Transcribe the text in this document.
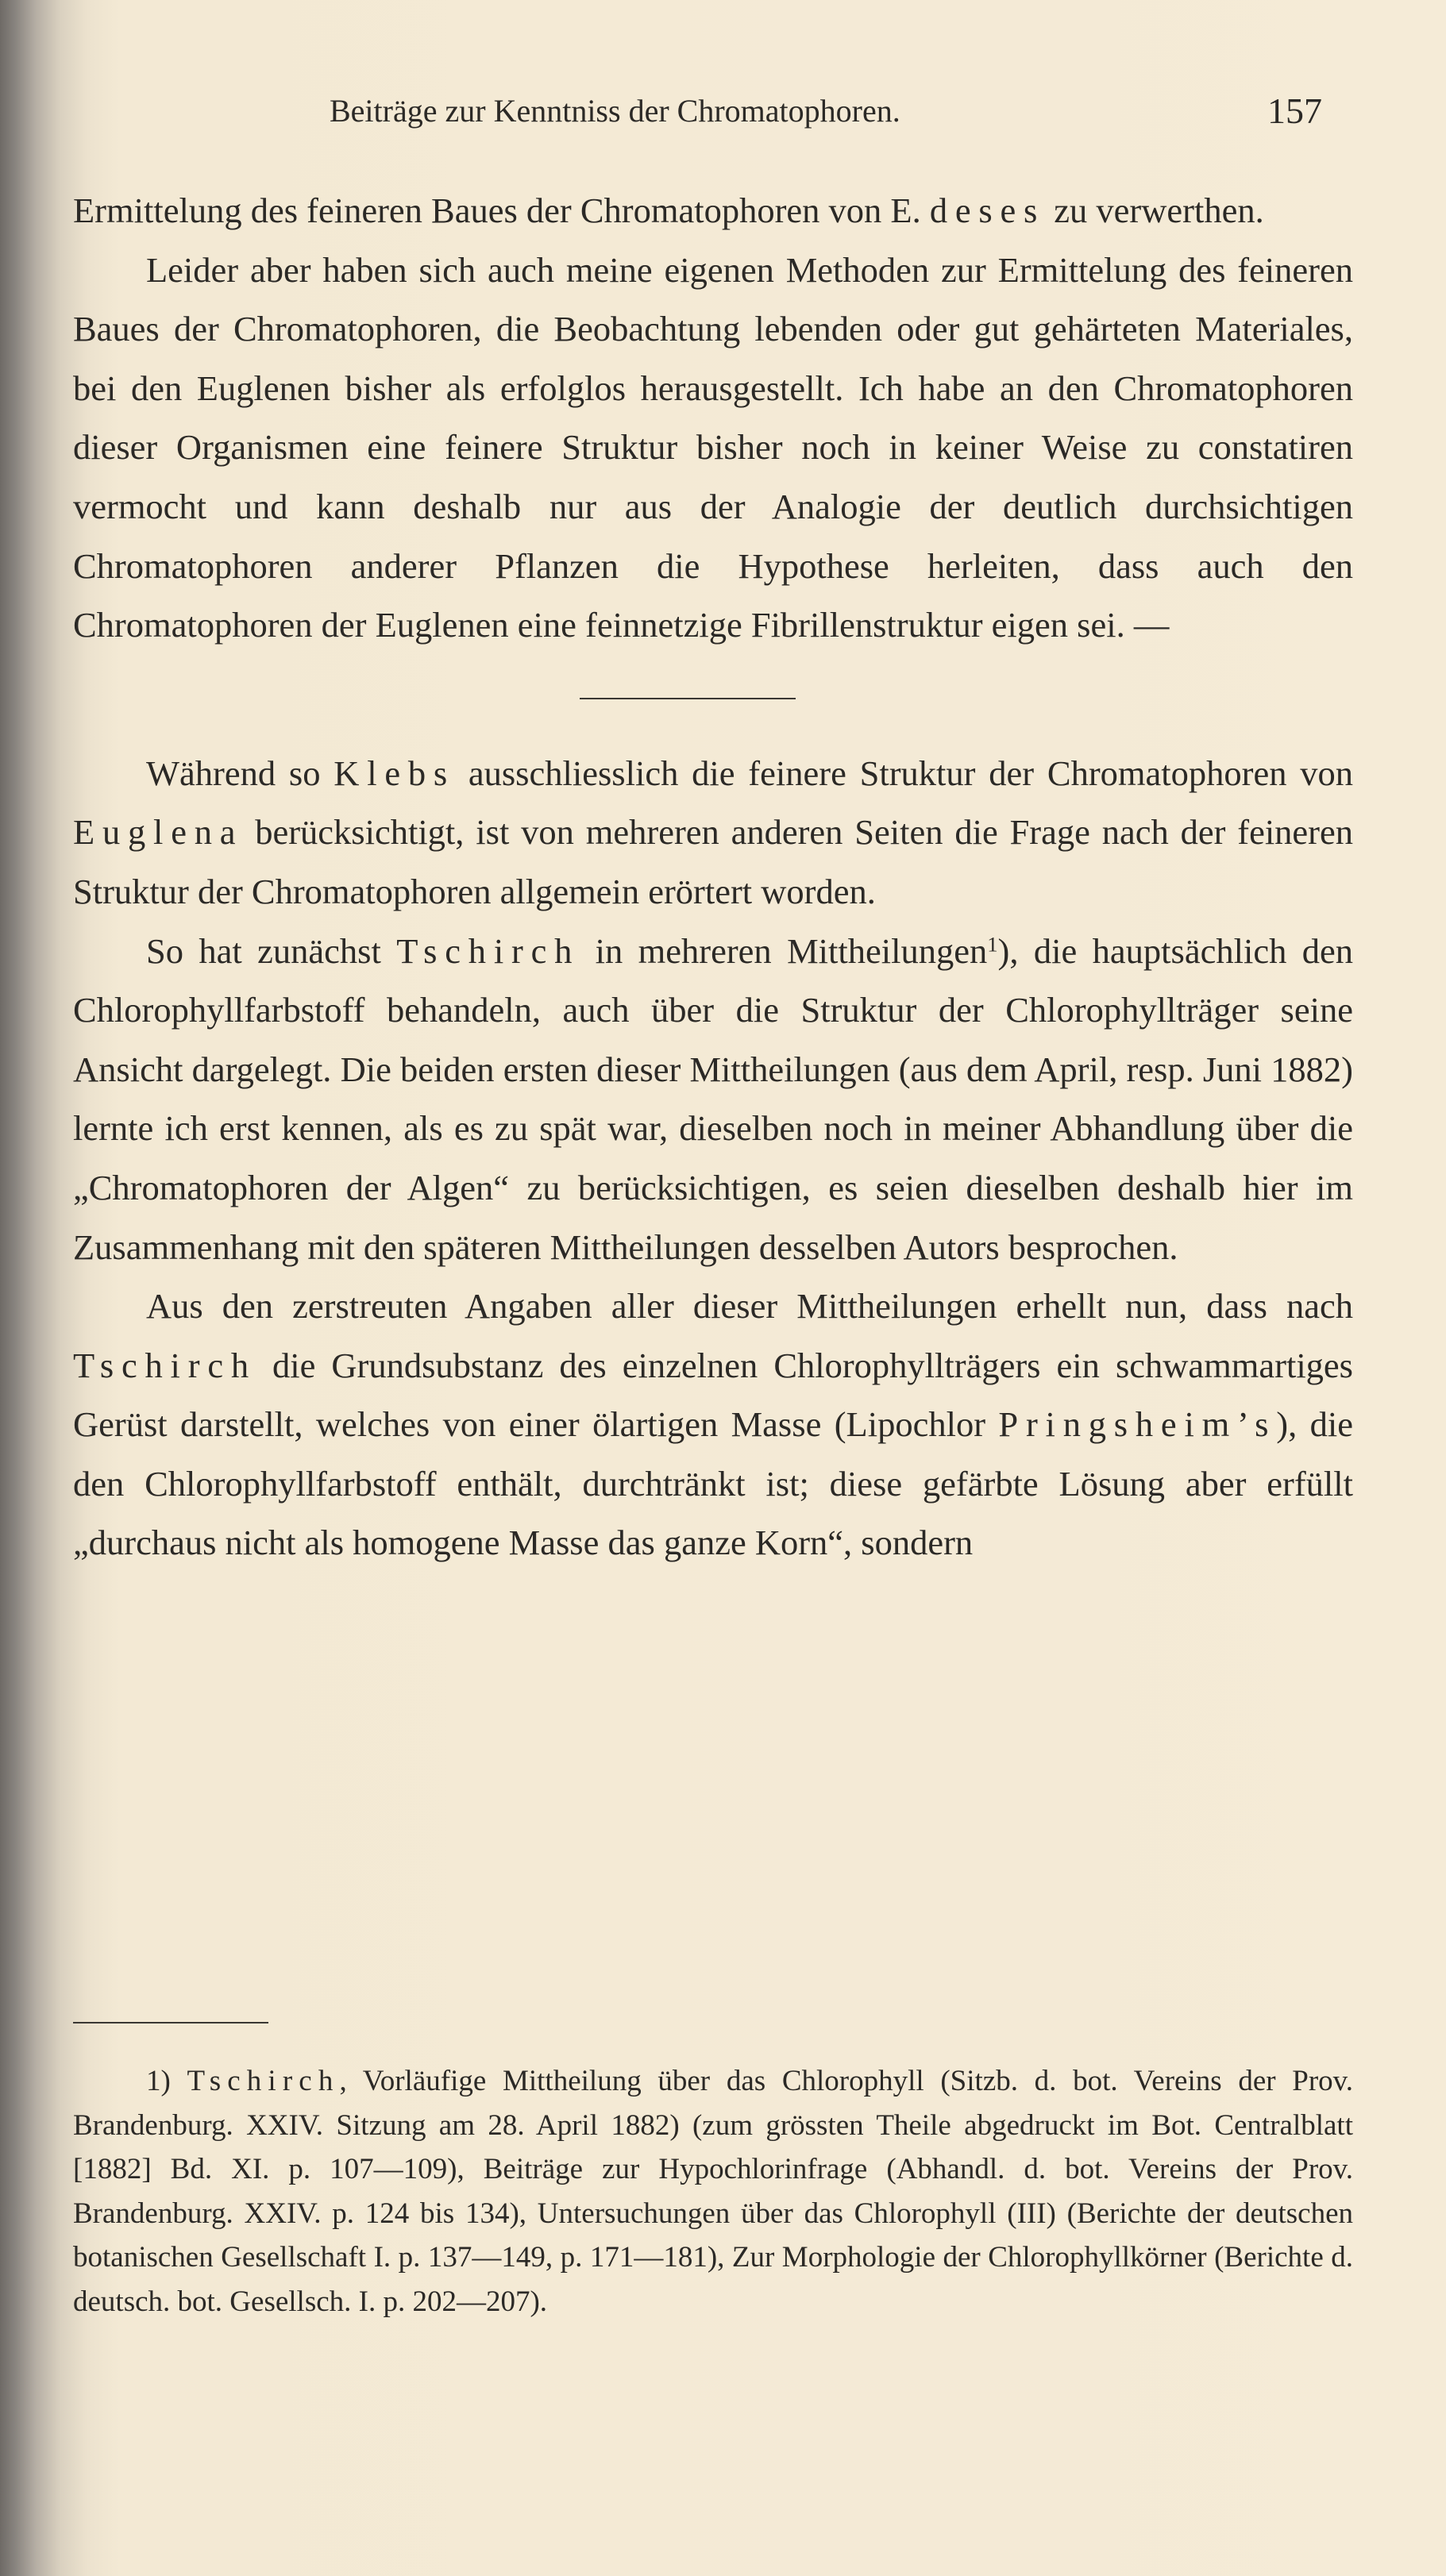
Beiträge zur Kenntniss der Chromatophoren.	157

Ermittelung des feineren Baues der Chromatophoren von E. deses zu verwerthen.

Leider aber haben sich auch meine eigenen Methoden zur Ermittelung des feineren Baues der Chromatophoren, die Beobachtung lebenden oder gut gehärteten Materiales, bei den Euglenen bisher als erfolglos herausgestellt. Ich habe an den Chromatophoren dieser Organismen eine feinere Struktur bisher noch in keiner Weise zu constatiren vermocht und kann deshalb nur aus der Analogie der deutlich durchsichtigen Chromatophoren anderer Pflanzen die Hypothese herleiten, dass auch den Chromatophoren der Euglenen eine feinnetzige Fibrillenstruktur eigen sei. —

Während so Klebs ausschliesslich die feinere Struktur der Chromatophoren von Euglena berücksichtigt, ist von mehreren anderen Seiten die Frage nach der feineren Struktur der Chromatophoren allgemein erörtert worden.

So hat zunächst Tschirch in mehreren Mittheilungen$^1$), die hauptsächlich den Chlorophyllfarbstoff behandeln, auch über die Struktur der Chlorophyllträger seine Ansicht dargelegt. Die beiden ersten dieser Mittheilungen (aus dem April, resp. Juni 1882) lernte ich erst kennen, als es zu spät war, dieselben noch in meiner Abhandlung über die „Chromatophoren der Algen“ zu berücksichtigen, es seien dieselben deshalb hier im Zusammenhang mit den späteren Mittheilungen desselben Autors besprochen.

Aus den zerstreuten Angaben aller dieser Mittheilungen erhellt nun, dass nach Tschirch die Grundsubstanz des einzelnen Chlorophyllträgers ein schwammartiges Gerüst darstellt, welches von einer ölartigen Masse (Lipochlor Pringsheim’s), die den Chlorophyllfarbstoff enthält, durchtränkt ist; diese gefärbte Lösung aber erfüllt „durchaus nicht als homogene Masse das ganze Korn“, sondern

1) Tschirch, Vorläufige Mittheilung über das Chlorophyll (Sitzb. d. bot. Vereins der Prov. Brandenburg. XXIV. Sitzung am 28. April 1882) (zum grössten Theile abgedruckt im Bot. Centralblatt [1882] Bd. XI. p. 107—109), Beiträge zur Hypochlorinfrage (Abhandl. d. bot. Vereins der Prov. Brandenburg. XXIV. p. 124 bis 134), Untersuchungen über das Chlorophyll (III) (Berichte der deutschen botanischen Gesellschaft I. p. 137—149, p. 171—181), Zur Morphologie der Chlorophyllkörner (Berichte d. deutsch. bot. Gesellsch. I. p. 202—207).
